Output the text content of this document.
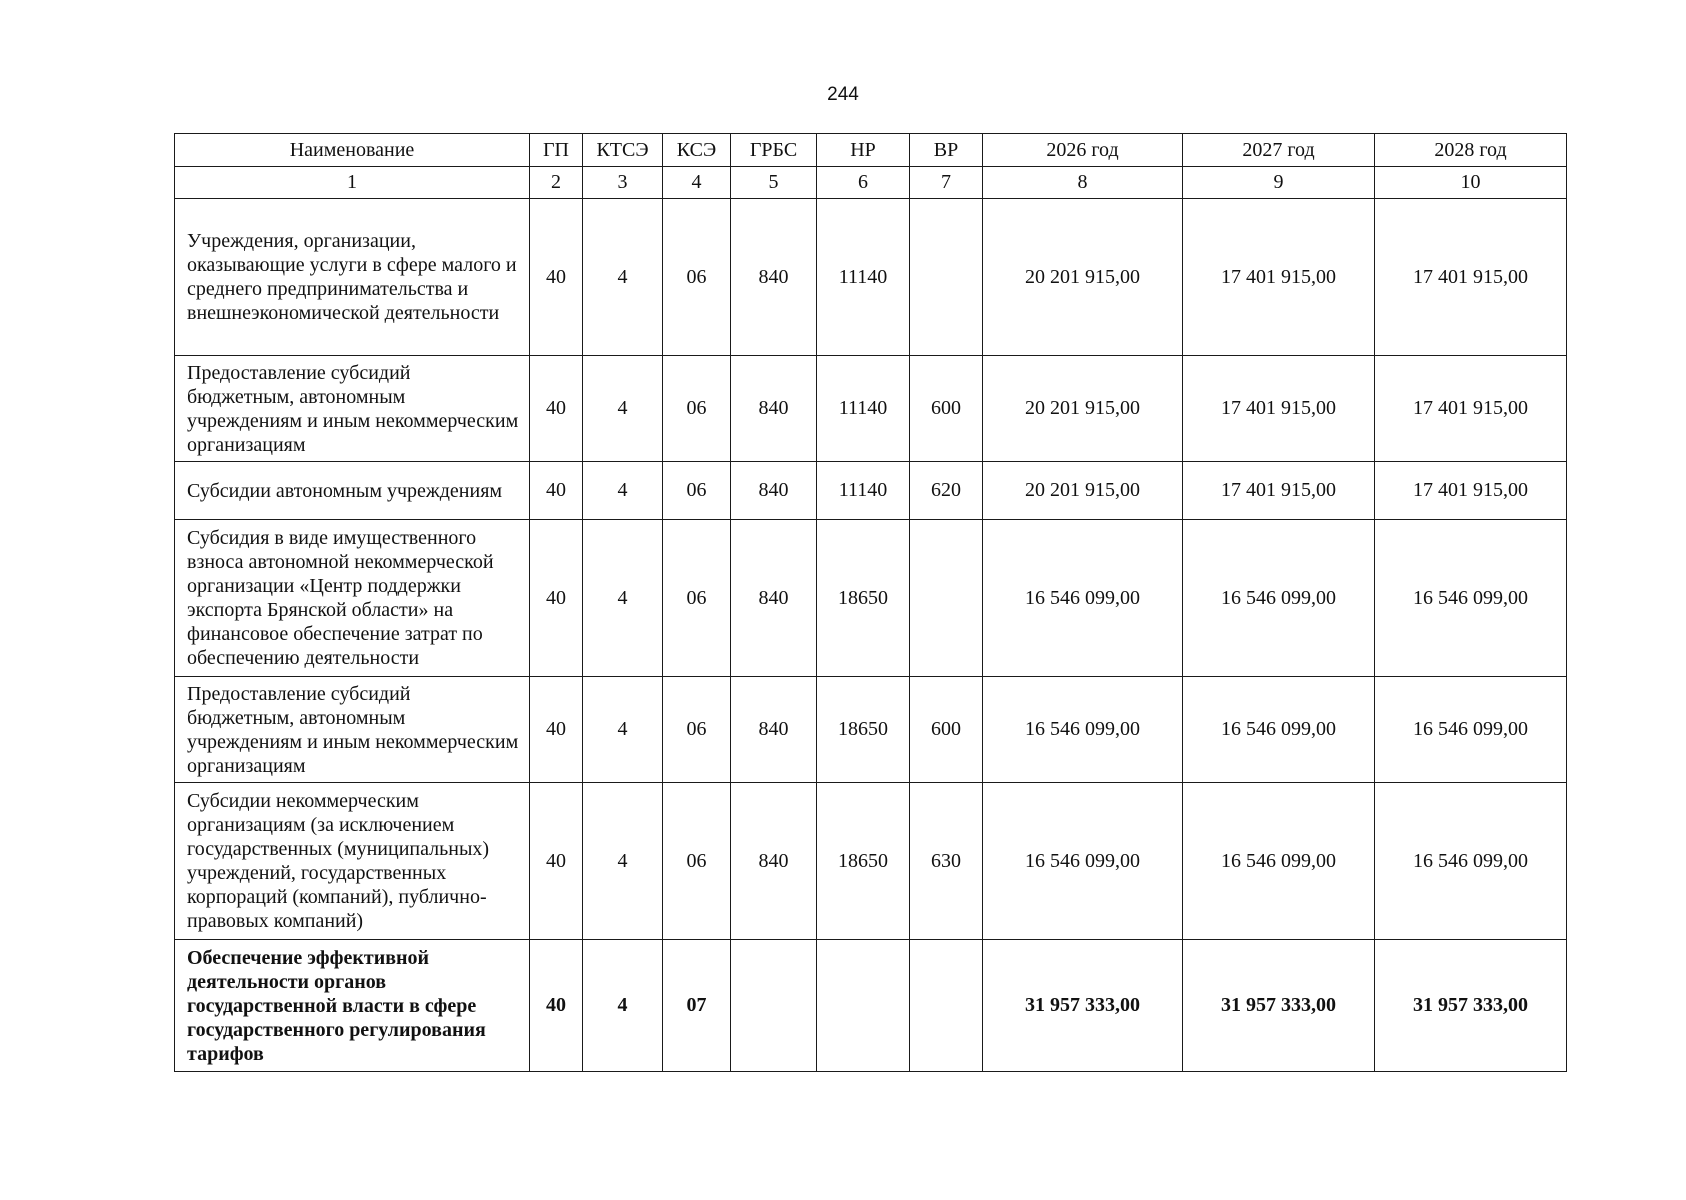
244
Наименование	ГП	КТСЭ	КСЭ	ГРБС	НР	ВР	2026 год	2027 год	2028 год
1	2	3	4	5	6	7	8	9	10
Учреждения, организации, оказывающие услуги в сфере малого и среднего предпринимательства и внешнеэкономической деятельности	40	4	06	840	11140		20 201 915,00	17 401 915,00	17 401 915,00
Предоставление субсидий бюджетным, автономным учреждениям и иным некоммерческим организациям	40	4	06	840	11140	600	20 201 915,00	17 401 915,00	17 401 915,00
Субсидии автономным учреждениям	40	4	06	840	11140	620	20 201 915,00	17 401 915,00	17 401 915,00
Субсидия в виде имущественного взноса автономной некоммерческой организации «Центр поддержки экспорта Брянской области» на финансовое обеспечение затрат по обеспечению деятельности	40	4	06	840	18650		16 546 099,00	16 546 099,00	16 546 099,00
Предоставление субсидий бюджетным, автономным учреждениям и иным некоммерческим организациям	40	4	06	840	18650	600	16 546 099,00	16 546 099,00	16 546 099,00
Субсидии некоммерческим организациям (за исключением государственных (муниципальных) учреждений, государственных корпораций (компаний), публично-правовых компаний)	40	4	06	840	18650	630	16 546 099,00	16 546 099,00	16 546 099,00
Обеспечение эффективной деятельности органов государственной власти в сфере государственного регулирования тарифов	40	4	07				31 957 333,00	31 957 333,00	31 957 333,00
